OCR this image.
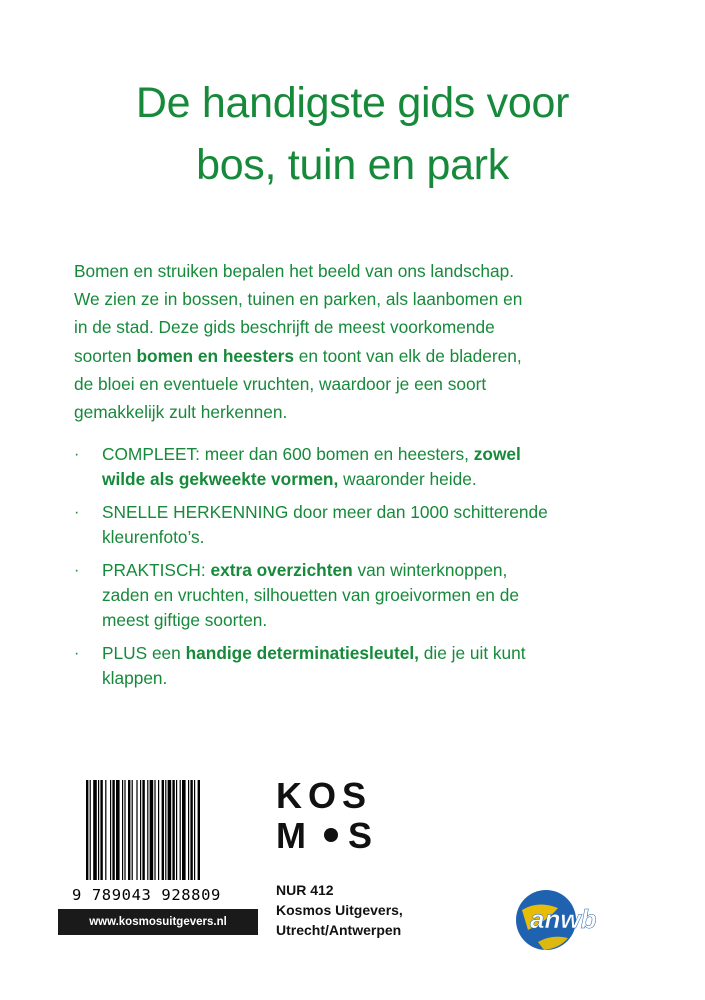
De handigste gids voor
bos, tuin en park
Bomen en struiken bepalen het beeld van ons landschap.
We zien ze in bossen, tuinen en parken, als laanbomen en
in de stad. Deze gids beschrijft de meest voorkomende
soorten bomen en heesters en toont van elk de bladeren,
de bloei en eventuele vruchten, waardoor je een soort
gemakkelijk zult herkennen.
·	COMPLEET: meer dan 600 bomen en heesters, zowel
wilde als gekweekte vormen, waaronder heide.
·	SNELLE HERKENNING door meer dan 1000 schitterende
kleurenfoto’s.
·	PRAKTISCH: extra overzichten van winterknoppen,
zaden en vruchten, silhouetten van groeivormen en de
meest giftige soorten.
·	PLUS een handige determinatiesleutel, die je uit kunt
klappen.
9 789043 928809
www.kosmosuitgevers.nl
KOS
M S
NUR 412
Kosmos Uitgevers,
Utrecht/Antwerpen	anwb
